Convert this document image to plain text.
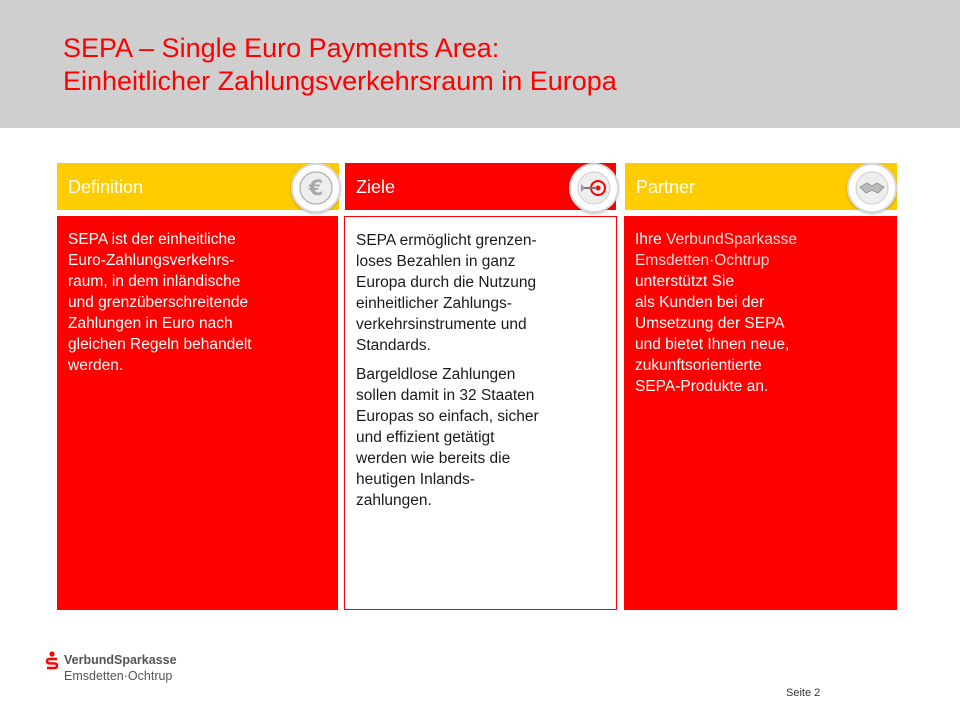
SEPA – Single Euro Payments Area:
Einheitlicher Zahlungsverkehrsraum in Europa
Definition	€ Ziele	Partner
SEPA ist der einheitliche
Euro-Zahlungsverkehrs-
raum, in dem inländische
und grenzüberschreitende
Zahlungen in Euro nach
gleichen Regeln behandelt
werden.

SEPA ermöglicht grenzen-
loses Bezahlen in ganz
Europa durch die Nutzung
einheitlicher Zahlungs-
verkehrsinstrumente und
Standards.

Bargeldlose Zahlungen
sollen damit in 32 Staaten
Europas so einfach, sicher
und effizient getätigt
werden wie bereits die
heutigen Inlands-
zahlungen.

Ihre VerbundSparkasse
Emsdetten·Ochtrup
unterstützt Sie
als Kunden bei der
Umsetzung der SEPA
und bietet Ihnen neue,
zukunftsorientierte
SEPA-Produkte an.
VerbundSparkasse
Emsdetten·Ochtrup
Seite 2
